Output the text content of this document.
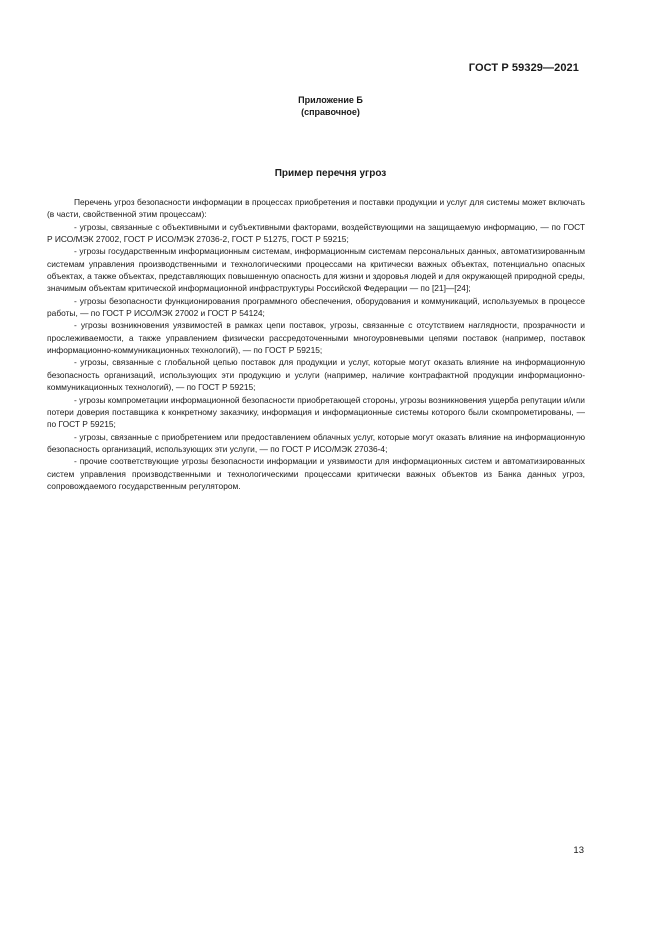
ГОСТ Р 59329—2021
Приложение Б
(справочное)
Пример перечня угроз

Перечень угроз безопасности информации в процессах приобретения и поставки продукции и услуг для системы может включать (в части, свойственной этим процессам):

- угрозы, связанные с объективными и субъективными факторами, воздействующими на защищаемую информацию, — по ГОСТ Р ИСО/МЭК 27002, ГОСТ Р ИСО/МЭК 27036-2, ГОСТ Р 51275, ГОСТ Р 59215;

- угрозы государственным информационным системам, информационным системам персональных данных, автоматизированным системам управления производственными и технологическими процессами на критически важных объектах, потенциально опасных объектах, а также объектах, представляющих повышенную опасность для жизни и здоровья людей и для окружающей природной среды, значимым объектам критической информационной инфраструктуры Российской Федерации — по [21]—[24];

- угрозы безопасности функционирования программного обеспечения, оборудования и коммуникаций, используемых в процессе работы, — по ГОСТ Р ИСО/МЭК 27002 и ГОСТ Р 54124;

- угрозы возникновения уязвимостей в рамках цепи поставок, угрозы, связанные с отсутствием наглядности, прозрачности и прослеживаемости, а также управлением физически рассредоточенными многоуровневыми цепями поставок (например, поставок информационно-коммуникационных технологий), — по ГОСТ Р 59215;

- угрозы, связанные с глобальной цепью поставок для продукции и услуг, которые могут оказать влияние на информационную безопасность организаций, использующих эти продукцию и услуги (например, наличие контрафактной продукции информационно-коммуникационных технологий), — по ГОСТ Р 59215;

- угрозы компрометации информационной безопасности приобретающей стороны, угрозы возникновения ущерба репутации и/или потери доверия поставщика к конкретному заказчику, информация и информационные системы которого были скомпрометированы, — по ГОСТ Р 59215;

- угрозы, связанные с приобретением или предоставлением облачных услуг, которые могут оказать влияние на информационную безопасность организаций, использующих эти услуги, — по ГОСТ Р ИСО/МЭК 27036-4;

- прочие соответствующие угрозы безопасности информации и уязвимости для информационных систем и автоматизированных систем управления производственными и технологическими процессами критически важных объектов из Банка данных угроз, сопровождаемого государственным регулятором.

13
